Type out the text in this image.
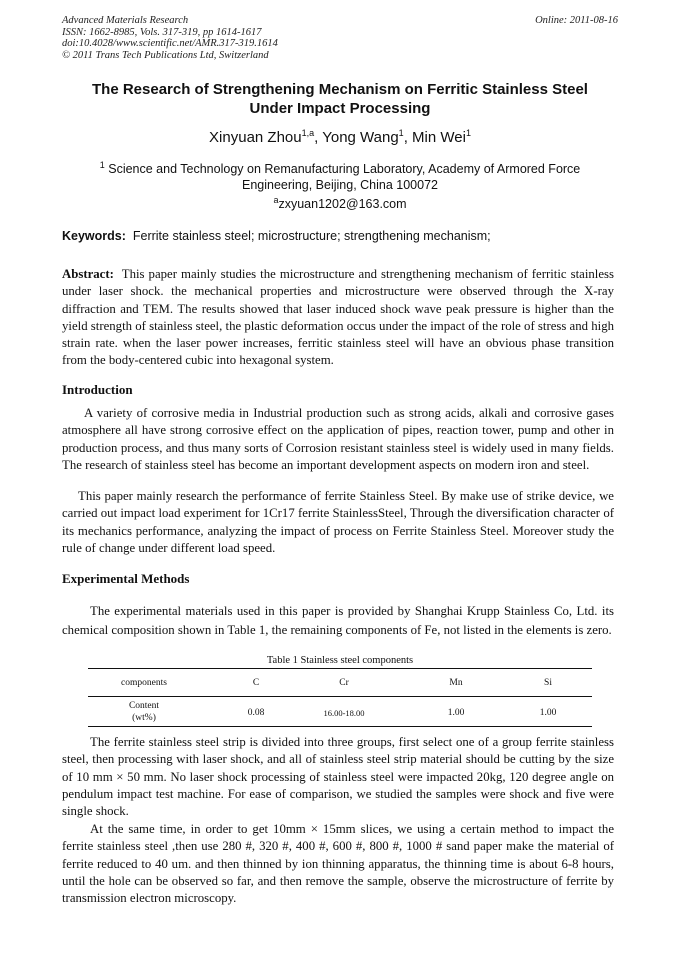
Advanced Materials Research
ISSN: 1662-8985, Vols. 317-319, pp 1614-1617
doi:10.4028/www.scientific.net/AMR.317-319.1614
© 2011 Trans Tech Publications Ltd, Switzerland
Online: 2011-08-16
The Research of Strengthening Mechanism on Ferritic Stainless Steel
Under Impact Processing
Xinyuan Zhou$^{1,a}$, Yong Wang$^1$, Min Wei$^1$
$^1$ Science and Technology on Remanufacturing Laboratory, Academy of Armored Force
Engineering, Beijing, China 100072
$^a$zxyuan1202@163.com
Keywords: Ferrite stainless steel; microstructure; strengthening mechanism;
Abstract: This paper mainly studies the microstructure and strengthening mechanism of ferritic stainless under laser shock. the mechanical properties and microstructure were observed through the X-ray diffraction and TEM. The results showed that laser induced shock wave peak pressure is higher than the yield strength of stainless steel, the plastic deformation occus under the impact of the role of stress and high strain rate. when the laser power increases, ferritic stainless steel will have an obvious phase transition from the body-centered cubic into hexagonal system.
Introduction
A variety of corrosive media in Industrial production such as strong acids, alkali and corrosive gases atmosphere all have strong corrosive effect on the application of pipes, reaction tower, pump and other in production process, and thus many sorts of Corrosion resistant stainless steel is widely used in many fields. The research of stainless steel has become an important development aspects on modern iron and steel.
This paper mainly research the performance of ferrite Stainless Steel. By make use of strike device, we carried out impact load experiment for 1Cr17 ferrite StainlessSteel, Through the diversification character of its mechanics performance, analyzing the impact of process on Ferrite Stainless Steel. Moreover study the rule of change under different load speed.
Experimental Methods
The experimental materials used in this paper is provided by Shanghai Krupp Stainless Co, Ltd. its chemical composition shown in Table 1, the remaining components of Fe, not listed in the elements is zero.
Table 1 Stainless steel components
components	C	Cr	Mn	Si
Content
(wt%)	0.08	16.00-18.00	1.00	1.00
The ferrite stainless steel strip is divided into three groups, first select one of a group ferrite stainless steel, then processing with laser shock, and all of stainless steel strip material should be cutting by the size of 10 mm × 50 mm. No laser shock processing of stainless steel were impacted 20kg, 120 degree angle on pendulum impact test machine. For ease of comparison, we studied the samples were shock and five were single shock.
At the same time, in order to get 10mm × 15mm slices, we using a certain method to impact the ferrite stainless steel ,then use 280 #, 320 #, 400 #, 600 #, 800 #, 1000 # sand paper make the material of ferrite reduced to 40 um. and then thinned by ion thinning apparatus, the thinning time is about 6-8 hours, until the hole can be observed so far, and then remove the sample, observe the microstructure of ferrite by transmission electron microscopy.
